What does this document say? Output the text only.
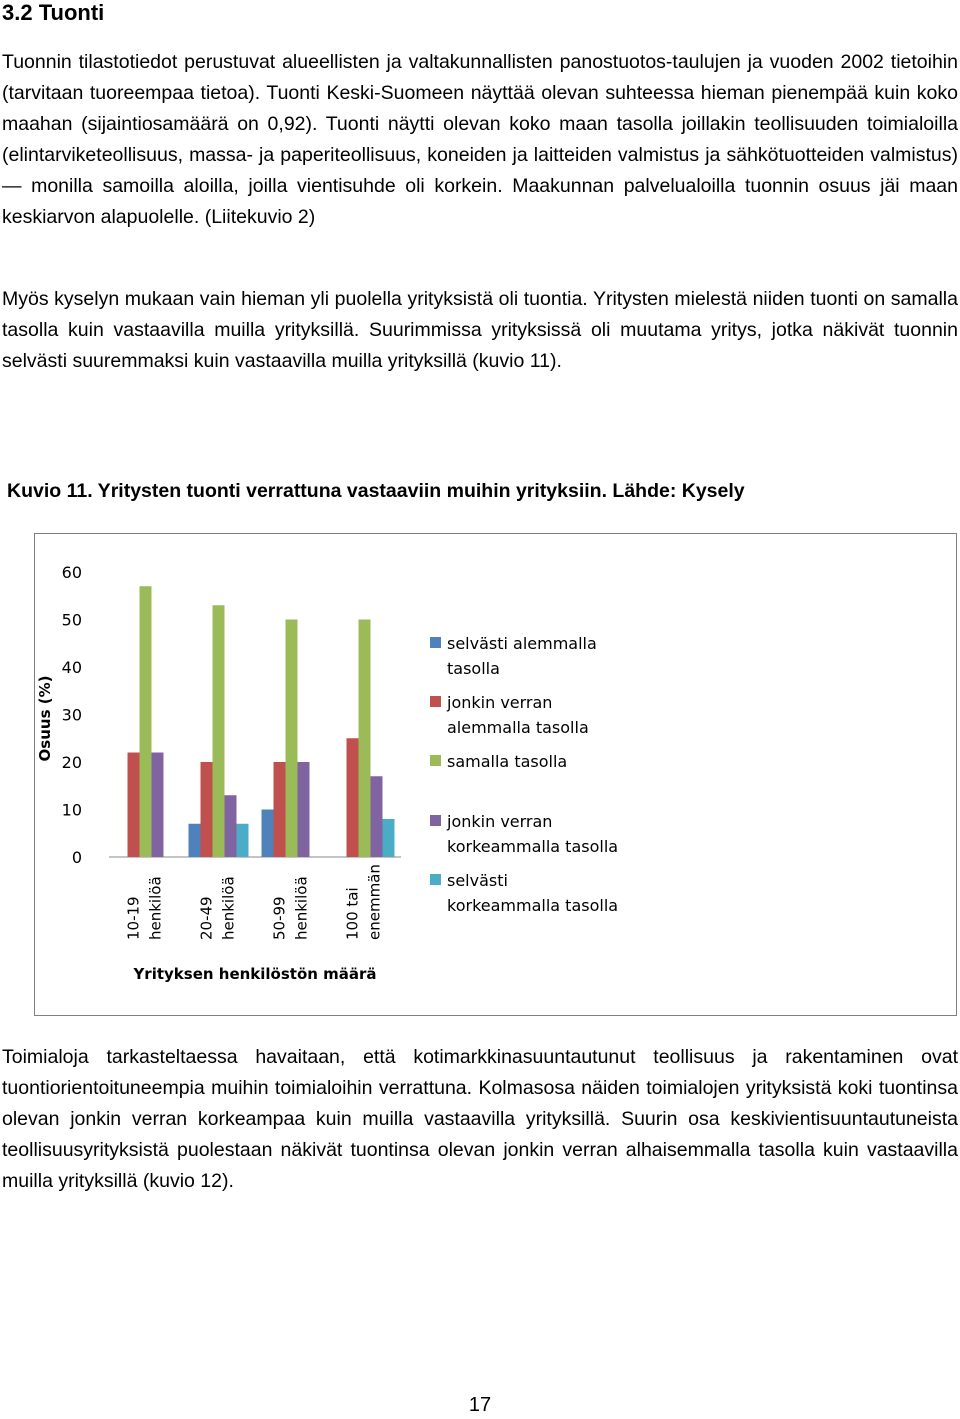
3.2 Tuonti

Tuonnin tilastotiedot perustuvat alueellisten ja valtakunnallisten panostuotos-taulujen ja vuoden 2002 tietoihin (tarvitaan tuoreempaa tietoa). Tuonti Keski-Suomeen näyttää olevan suhteessa hieman pienempää kuin koko maahan (sijaintiosamäärä on 0,92). Tuonti näytti olevan koko maan tasolla joillakin teollisuuden toimialoilla (elintarviketeollisuus, massa- ja paperiteollisuus, koneiden ja laitteiden valmistus ja sähkötuotteiden valmistus) — monilla samoilla aloilla, joilla vientisuhde oli korkein. Maakunnan palvelualoilla tuonnin osuus jäi maan keskiarvon alapuolelle. (Liitekuvio 2)

Myös kyselyn mukaan vain hieman yli puolella yrityksistä oli tuontia. Yritysten mielestä niiden tuonti on samalla tasolla kuin vastaavilla muilla yrityksillä. Suurimmissa yrityksissä oli muutama yritys, jotka näkivät tuonnin selvästi suuremmaksi kuin vastaavilla muilla yrityksillä (kuvio 11).

Kuvio 11. Yritysten tuonti verrattuna vastaaviin muihin yrityksiin. Lähde: Kysely
0
10
20
30
40
50
60
Osuus (%)
10-19 henkilöä 20-49 henkilöä 50-99 henkilöä 100 tai enemmän
Yrityksen henkilöstön määrä
selvästi alemmalla
tasolla
jonkin verran
alemmalla tasolla
samalla tasolla
jonkin verran
korkeammalla tasolla
selvästi
korkeammalla tasolla

Toimialoja tarkasteltaessa havaitaan, että kotimarkkinasuuntautunut teollisuus ja rakentaminen ovat tuontiorientoituneempia muihin toimialoihin verrattuna. Kolmasosa näiden toimialojen yrityksistä koki tuontinsa olevan jonkin verran korkeampaa kuin muilla vastaavilla yrityksillä. Suurin osa keskivientisuuntautuneista teollisuusyrityksistä puolestaan näkivät tuontinsa olevan jonkin verran alhaisemmalla tasolla kuin vastaavilla muilla yrityksillä (kuvio 12).

17
